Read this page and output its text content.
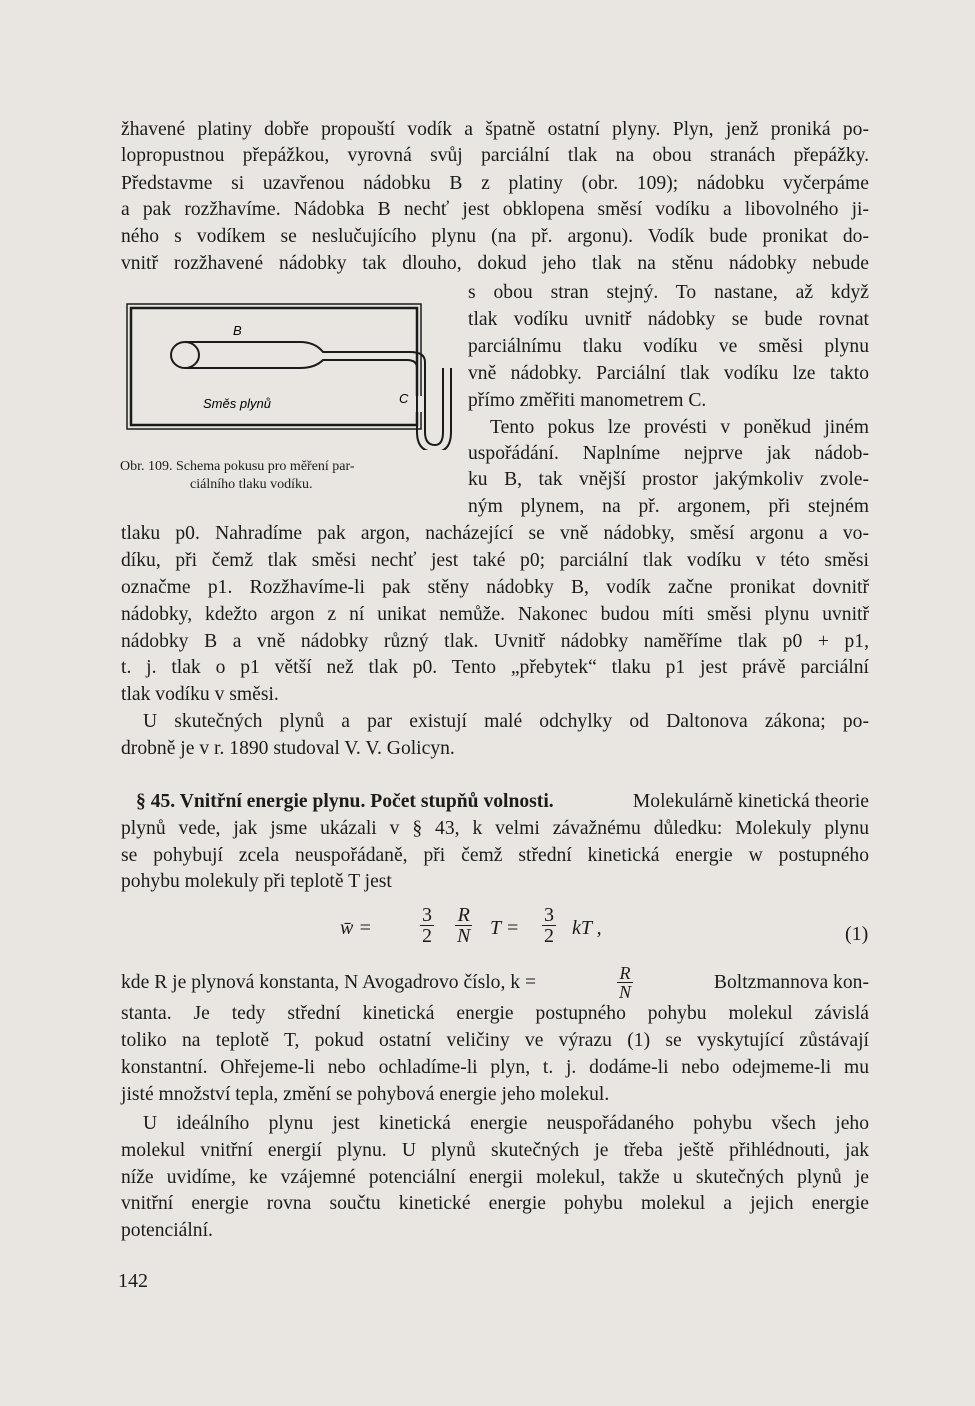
žhavené platiny dobře propouští vodík a špatně ostatní plyny. Plyn, jenž proniká po-
lopropustnou přepážkou, vyrovná svůj parciální tlak na obou stranách přepážky.
Představme si uzavřenou nádobku B z platiny (obr. 109); nádobku vyčerpáme
a pak rozžhavíme. Nádobka B nechť jest obklopena směsí vodíku a libovolného ji-
ného s vodíkem se neslučujícího plynu (na př. argonu). Vodík bude pronikat do-
vnitř rozžhavené nádobky tak dlouho, dokud jeho tlak na stěnu nádobky nebude
s obou stran stejný. To nastane, až když
tlak vodíku uvnitř nádobky se bude rovnat
parciálnímu tlaku vodíku ve směsi plynu
vně nádobky. Parciální tlak vodíku lze takto
přímo změřiti manometrem C.
Tento pokus lze provésti v poněkud jiném
uspořádání. Naplníme nejprve jak nádob-
ku B, tak vnější prostor jakýmkoliv zvole-
ným plynem, na př. argonem, při stejném
B
Směs plynů	C
Obr. 109. Schema pokusu pro měření par-
ciálního tlaku vodíku.
tlaku p0. Nahradíme pak argon, nacházející se vně nádobky, směsí argonu a vo-
díku, při čemž tlak směsi nechť jest také p0; parciální tlak vodíku v této směsi
označme p1. Rozžhavíme-li pak stěny nádobky B, vodík začne pronikat dovnitř
nádobky, kdežto argon z ní unikat nemůže. Nakonec budou míti směsi plynu uvnitř
nádobky B a vně nádobky různý tlak. Uvnitř nádobky naměříme tlak p0 + p1,
t. j. tlak o p1 větší než tlak p0. Tento „přebytek“ tlaku p1 jest právě parciální
tlak vodíku v směsi.
U skutečných plynů a par existují malé odchylky od Daltonova zákona; po-
drobně je v r. 1890 studoval V. V. Golicyn.
§ 45. Vnitřní energie plynu. Počet stupňů volnosti.	Molekulárně kinetická theorie
plynů vede, jak jsme ukázali v § 43, k velmi závažnému důledku: Molekuly plynu
se pohybují zcela neuspořádaně, při čemž střední kinetická energie w postupného
pohybu molekuly při teplotě T jest
w̄ = $\frac{3}{2} \frac{R}{N}$ $T = \frac{3}{2}$ kT ,	(1)
kde R je plynová konstanta, N Avogadrovo číslo, k =	$\frac{R}{N}$	Boltzmannova kon-
stanta. Je tedy střední kinetická energie postupného pohybu molekul závislá
toliko na teplotě T, pokud ostatní veličiny ve výrazu (1) se vyskytující zůstávají
konstantní. Ohřejeme-li nebo ochladíme-li plyn, t. j. dodáme-li nebo odejmeme-li mu
jisté množství tepla, změní se pohybová energie jeho molekul.
U ideálního plynu jest kinetická energie neuspořádaného pohybu všech jeho
molekul vnitřní energií plynu. U plynů skutečných je třeba ještě přihlédnouti, jak
níže uvidíme, ke vzájemné potenciální energii molekul, takže u skutečných plynů je
vnitřní energie rovna součtu kinetické energie pohybu molekul a jejich energie
potenciální.
142
